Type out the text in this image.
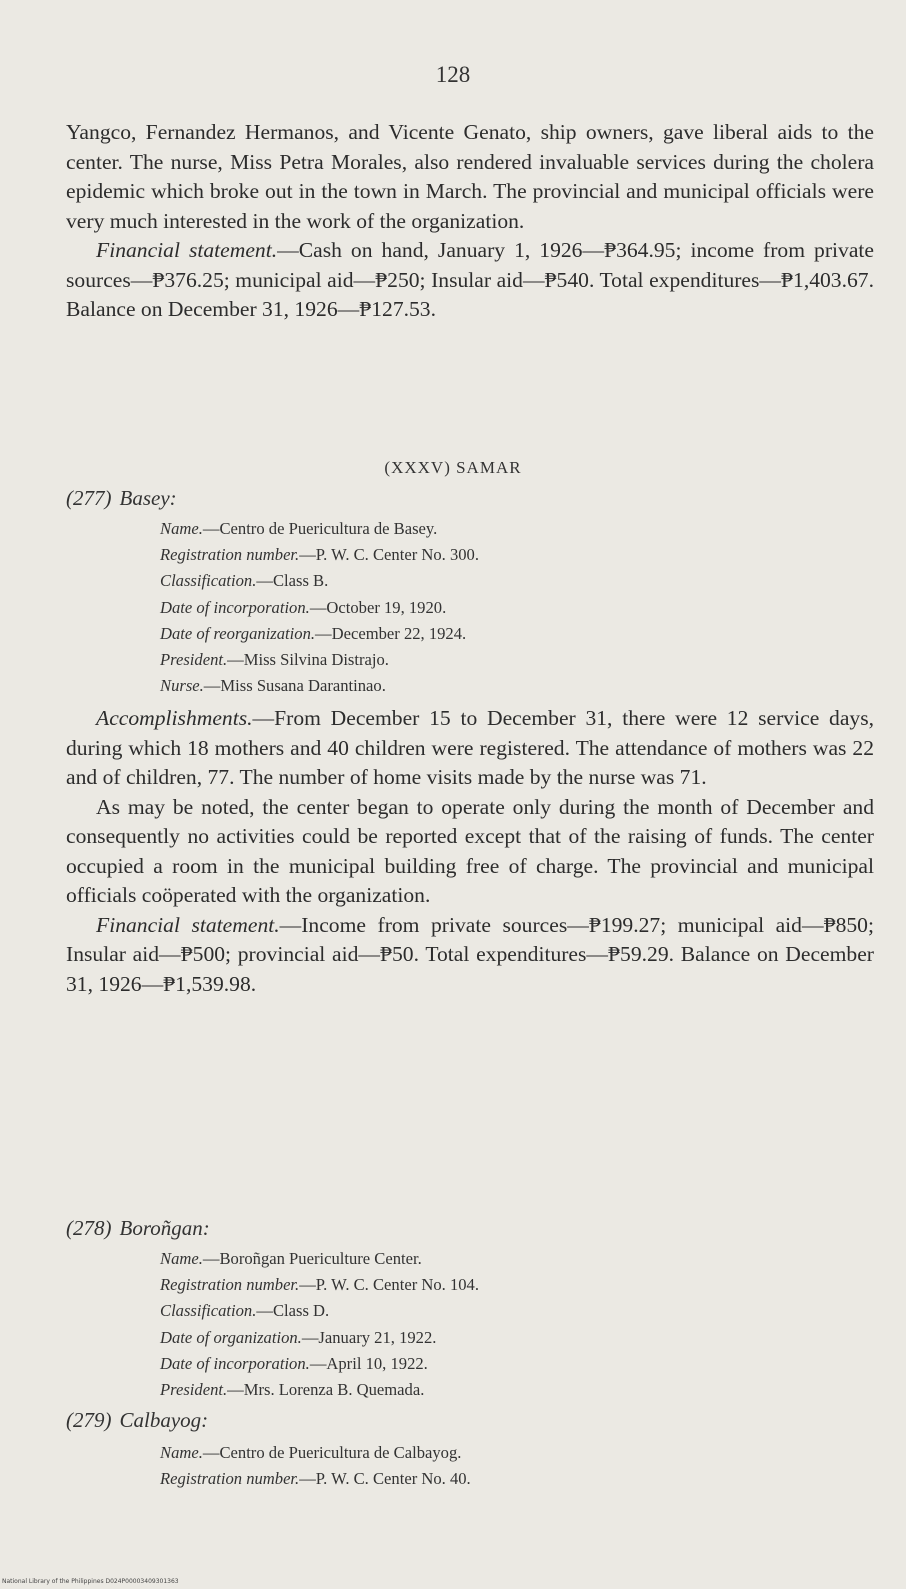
128

Yangco, Fernandez Hermanos, and Vicente Genato, ship owners, gave liberal aids to the center. The nurse, Miss Petra Morales, also rendered invaluable services during the cholera epidemic which broke out in the town in March. The provincial and municipal officials were very much interested in the work of the organization.

Financial statement.—Cash on hand, January 1, 1926—₱364.95; income from private sources—₱376.25; municipal aid—₱250; Insular aid—₱540. Total expenditures—₱1,403.67. Balance on December 31, 1926—₱127.53.

(XXXV) SAMAR
(277) Basey:
Name.—Centro de Puericultura de Basey.
Registration number.—P. W. C. Center No. 300.
Classification.—Class B.
Date of incorporation.—October 19, 1920.
Date of reorganization.—December 22, 1924.
President.—Miss Silvina Distrajo.
Nurse.—Miss Susana Darantinao.

Accomplishments.—From December 15 to December 31, there were 12 service days, during which 18 mothers and 40 children were registered. The attendance of mothers was 22 and of children, 77. The number of home visits made by the nurse was 71.

As may be noted, the center began to operate only during the month of December and consequently no activities could be reported except that of the raising of funds. The center occupied a room in the municipal building free of charge. The provincial and municipal officials coöperated with the organization.

Financial statement.—Income from private sources—₱199.27; municipal aid—₱850; Insular aid—₱500; provincial aid—₱50. Total expenditures—₱59.29. Balance on December 31, 1926—₱1,539.98.

(278) Boroñgan:
Name.—Boroñgan Puericulture Center.
Registration number.—P. W. C. Center No. 104.
Classification.—Class D.
Date of organization.—January 21, 1922.
Date of incorporation.—April 10, 1922.
President.—Mrs. Lorenza B. Quemada.
(279) Calbayog:
Name.—Centro de Puericultura de Calbayog.
Registration number.—P. W. C. Center No. 40.
National Library of the Philippines D024P00003409301363
